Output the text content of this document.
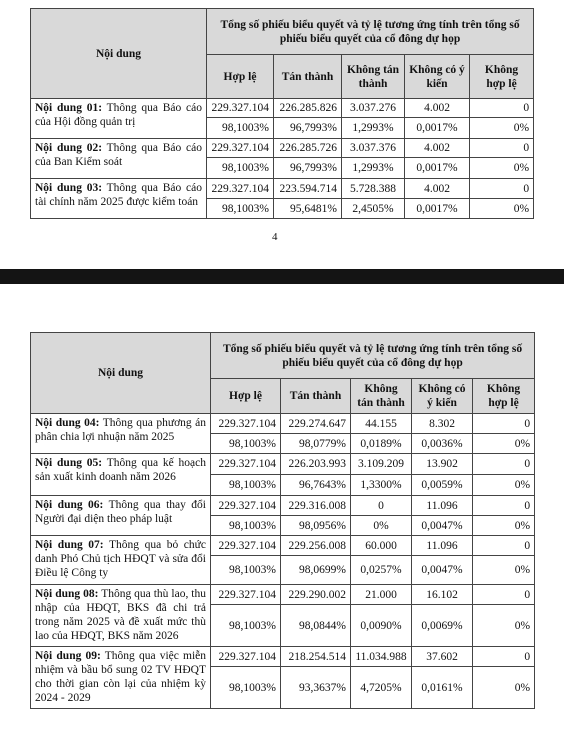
Nội dung	Tổng số phiếu biểu quyết và tỷ lệ tương ứng tính trên tổng số phiếu biểu quyết của cổ đông dự họp				
	Hợp lệ	Tán thành	Không tán thành	Không có ý kiến	Không hợp lệ
Nội dung 01: Thông qua Báo cáo của Hội đồng quản trị	229.327.104	226.285.826	3.037.276	4.002	0
	98,1003%	96,7993%	1,2993%	0,0017%	0%
Nội dung 02: Thông qua Báo cáo của Ban Kiểm soát	229.327.104	226.285.726	3.037.376	4.002	0
	98,1003%	96,7993%	1,2993%	0,0017%	0%
Nội dung 03: Thông qua Báo cáo tài chính năm 2025 được kiểm toán	229.327.104	223.594.714	5.728.388	4.002	0
	98,1003%	95,6481%	2,4505%	0,0017%	0%
4
Nội dung	Tổng số phiếu biểu quyết và tỷ lệ tương ứng tính trên tổng số phiếu biểu quyết của cổ đông dự họp				
	Hợp lệ	Tán thành	Không tán thành	Không có ý kiến	Không hợp lệ
Nội dung 04: Thông qua phương án phân chia lợi nhuận năm 2025	229.327.104	229.274.647	44.155	8.302	0
	98,1003%	98,0779%	0,0189%	0,0036%	0%
Nội dung 05: Thông qua kế hoạch sản xuất kinh doanh năm 2026	229.327.104	226.203.993	3.109.209	13.902	0
	98,1003%	96,7643%	1,3300%	0,0059%	0%
Nội dung 06: Thông qua thay đổi Người đại diện theo pháp luật	229.327.104	229.316.008	0	11.096	0
	98,1003%	98,0956%	0%	0,0047%	0%
Nội dung 07: Thông qua bỏ chức danh Phó Chủ tịch HĐQT và sửa đổi Điều lệ Công ty	229.327.104	229.256.008	60.000	11.096	0
	98,1003%	98,0699%	0,0257%	0,0047%	0%
Nội dung 08: Thông qua thù lao, thu nhập của HĐQT, BKS đã chi trả trong năm 2025 và đề xuất mức thù lao của HĐQT, BKS năm 2026	229.327.104	229.290.002	21.000	16.102	0
	98,1003%	98,0844%	0,0090%	0,0069%	0%
Nội dung 09: Thông qua việc miễn nhiệm và bầu bổ sung 02 TV HĐQT cho thời gian còn lại của nhiệm kỳ 2024 - 2029	229.327.104	218.254.514	11.034.988	37.602	0
	98,1003%	93,3637%	4,7205%	0,0161%	0%
